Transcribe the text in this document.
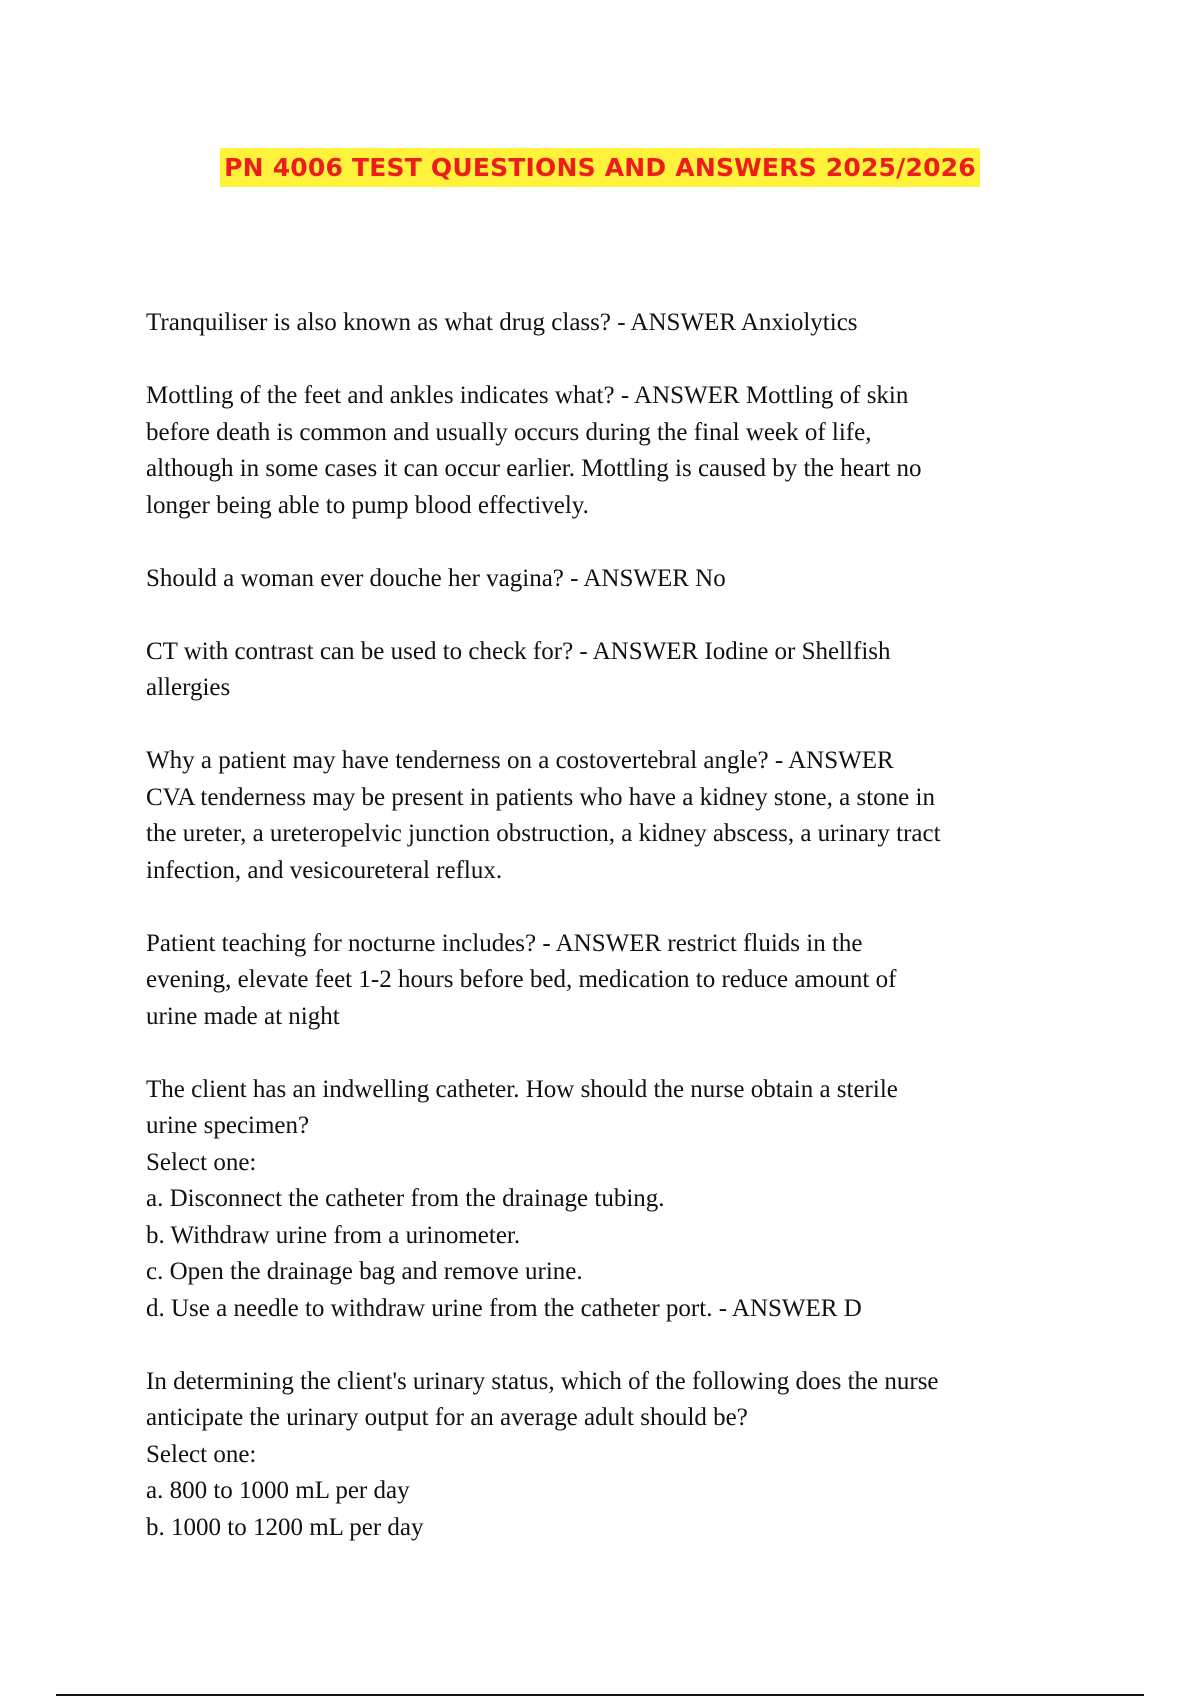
PN 4006 TEST QUESTIONS AND ANSWERS 2025/2026
Tranquiliser is also known as what drug class? - ANSWER Anxiolytics
Mottling of the feet and ankles indicates what? - ANSWER Mottling of skin
before death is common and usually occurs during the final week of life,
although in some cases it can occur earlier. Mottling is caused by the heart no
longer being able to pump blood effectively.
Should a woman ever douche her vagina? - ANSWER No
CT with contrast can be used to check for? - ANSWER Iodine or Shellfish
allergies
Why a patient may have tenderness on a costovertebral angle? - ANSWER
CVA tenderness may be present in patients who have a kidney stone, a stone in
the ureter, a ureteropelvic junction obstruction, a kidney abscess, a urinary tract
infection, and vesicoureteral reflux.
Patient teaching for nocturne includes? - ANSWER restrict fluids in the
evening, elevate feet 1-2 hours before bed, medication to reduce amount of
urine made at night
The client has an indwelling catheter. How should the nurse obtain a sterile
urine specimen?
Select one:
a. Disconnect the catheter from the drainage tubing.
b. Withdraw urine from a urinometer.
c. Open the drainage bag and remove urine.
d. Use a needle to withdraw urine from the catheter port. - ANSWER D
In determining the client's urinary status, which of the following does the nurse
anticipate the urinary output for an average adult should be?
Select one:
a. 800 to 1000 mL per day
b. 1000 to 1200 mL per day
